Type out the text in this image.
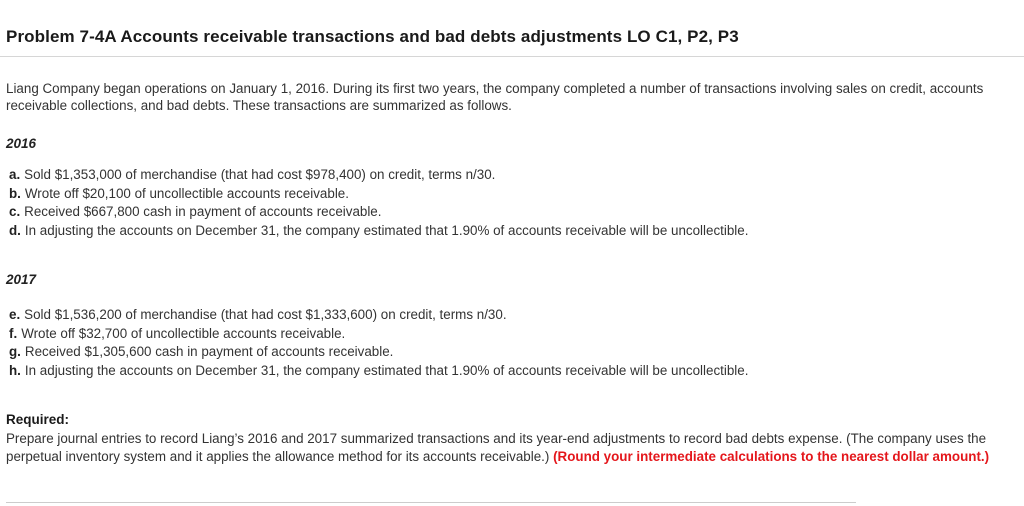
Problem 7-4A Accounts receivable transactions and bad debts adjustments LO C1, P2, P3

Liang Company began operations on January 1, 2016. During its first two years, the company completed a number of transactions involving sales on credit, accounts receivable collections, and bad debts. These transactions are summarized as follows.

2016

a. Sold $1,353,000 of merchandise (that had cost $978,400) on credit, terms n/30.
b. Wrote off $20,100 of uncollectible accounts receivable.
c. Received $667,800 cash in payment of accounts receivable.
d. In adjusting the accounts on December 31, the company estimated that 1.90% of accounts receivable will be uncollectible.

2017

e. Sold $1,536,200 of merchandise (that had cost $1,333,600) on credit, terms n/30.
f. Wrote off $32,700 of uncollectible accounts receivable.
g. Received $1,305,600 cash in payment of accounts receivable.
h. In adjusting the accounts on December 31, the company estimated that 1.90% of accounts receivable will be uncollectible.

Required:

Prepare journal entries to record Liang’s 2016 and 2017 summarized transactions and its year-end adjustments to record bad debts expense. (The company uses the perpetual inventory system and it applies the allowance method for its accounts receivable.) (Round your intermediate calculations to the nearest dollar amount.)
